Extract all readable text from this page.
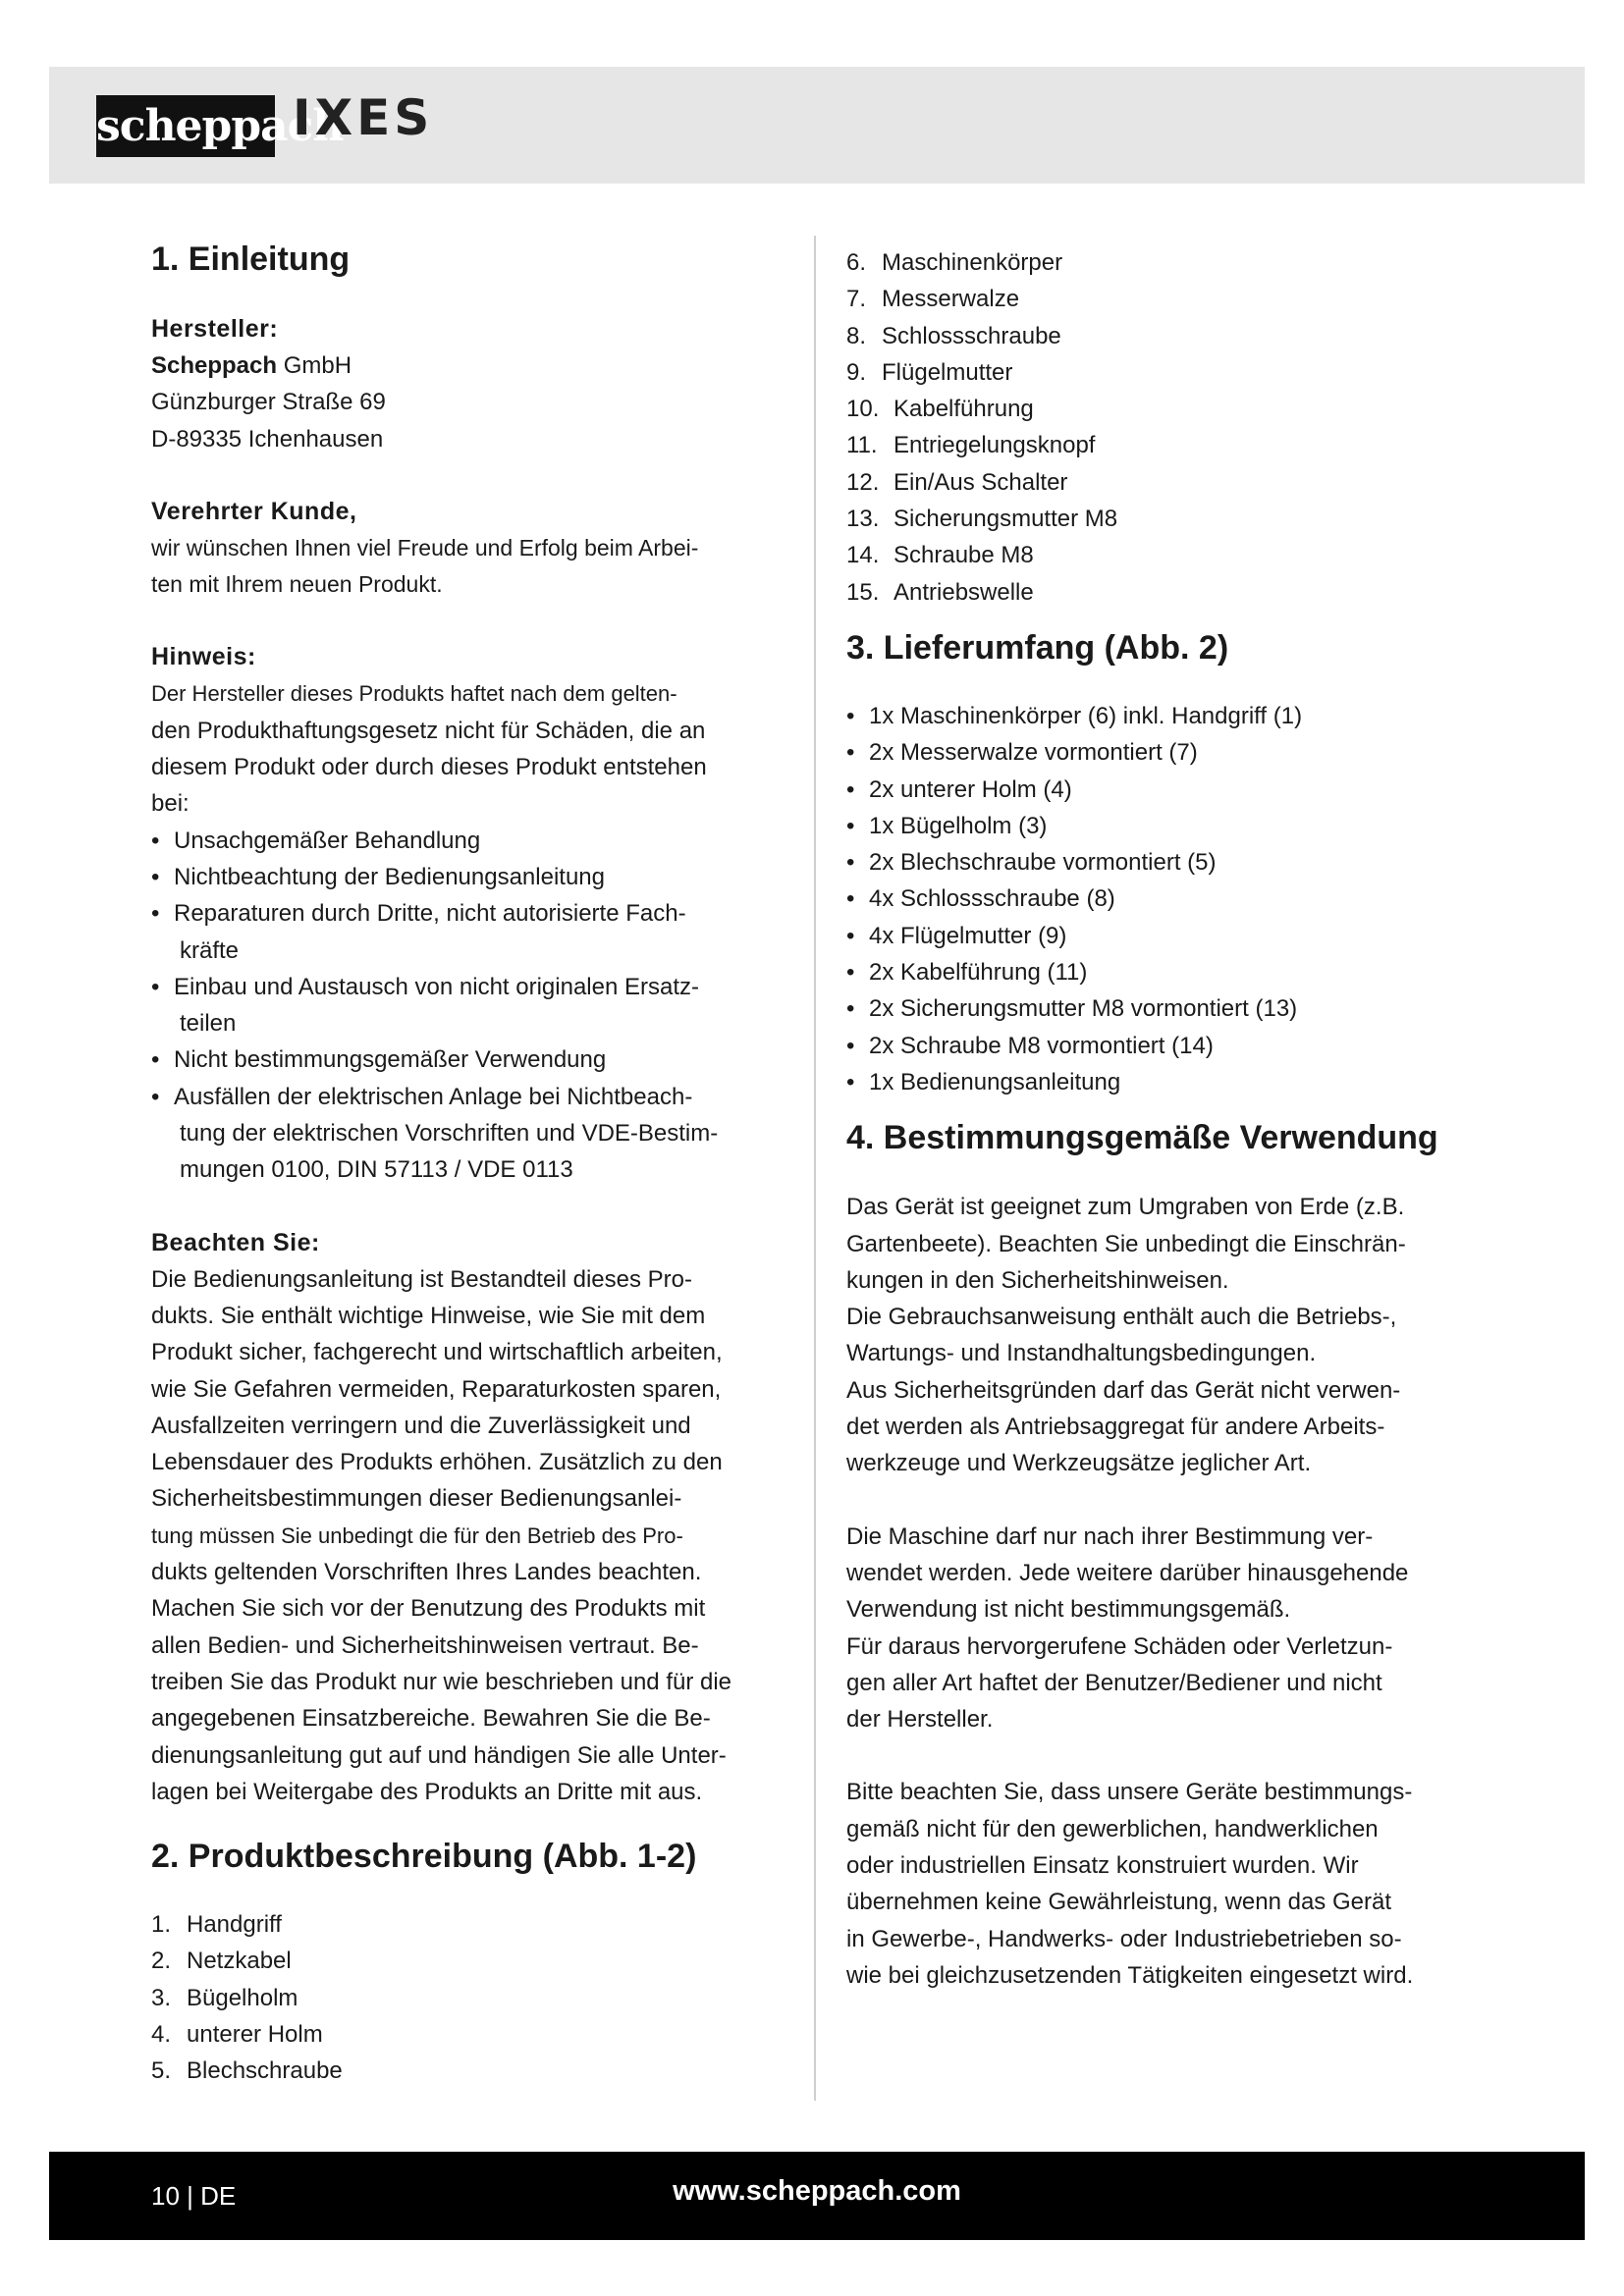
scheppach
IXES
1. Einleitung
Hersteller:
Scheppach GmbH
Günzburger Straße 69
D-89335 Ichenhausen
Verehrter Kunde,
wir wünschen Ihnen viel Freude und Erfolg beim Arbei-
ten mit Ihrem neuen Produkt.
Hinweis:
Der Hersteller dieses Produkts haftet nach dem gelten-
den Produkthaftungsgesetz nicht für Schäden, die an
diesem Produkt oder durch dieses Produkt entstehen
bei:
• Unsachgemäßer Behandlung
• Nichtbeachtung der Bedienungsanleitung
• Reparaturen durch Dritte, nicht autorisierte Fach-
kräfte
• Einbau und Austausch von nicht originalen Ersatz-
teilen
• Nicht bestimmungsgemäßer Verwendung
• Ausfällen der elektrischen Anlage bei Nichtbeach-
tung der elektrischen Vorschriften und VDE-Bestim-
mungen 0100, DIN 57113 / VDE 0113
Beachten Sie:
Die Bedienungsanleitung ist Bestandteil dieses Pro-
dukts. Sie enthält wichtige Hinweise, wie Sie mit dem
Produkt sicher, fachgerecht und wirtschaftlich arbeiten,
wie Sie Gefahren vermeiden, Reparaturkosten sparen,
Ausfallzeiten verringern und die Zuverlässigkeit und
Lebensdauer des Produkts erhöhen. Zusätzlich zu den
Sicherheitsbestimmungen dieser Bedienungsanlei-
tung müssen Sie unbedingt die für den Betrieb des Pro-
dukts geltenden Vorschriften Ihres Landes beachten.
Machen Sie sich vor der Benutzung des Produkts mit
allen Bedien- und Sicherheitshinweisen vertraut. Be-
treiben Sie das Produkt nur wie beschrieben und für die
angegebenen Einsatzbereiche. Bewahren Sie die Be-
dienungsanleitung gut auf und händigen Sie alle Unter-
lagen bei Weitergabe des Produkts an Dritte mit aus.
2. Produktbeschreibung (Abb. 1-2)
1. Handgriff
2. Netzkabel
3. Bügelholm
4. unterer Holm
5. Blechschraube
6. Maschinenkörper
7. Messerwalze
8. Schlossschraube
9. Flügelmutter
10. Kabelführung
11. Entriegelungsknopf
12. Ein/Aus Schalter
13. Sicherungsmutter M8
14. Schraube M8
15. Antriebswelle
3. Lieferumfang (Abb. 2)
• 1x Maschinenkörper (6) inkl. Handgriff (1)
• 2x Messerwalze vormontiert (7)
• 2x unterer Holm (4)
• 1x Bügelholm (3)
• 2x Blechschraube vormontiert (5)
• 4x Schlossschraube (8)
• 4x Flügelmutter (9)
• 2x Kabelführung (11)
• 2x Sicherungsmutter M8 vormontiert (13)
• 2x Schraube M8 vormontiert (14)
• 1x Bedienungsanleitung
4. Bestimmungsgemäße Verwendung
Das Gerät ist geeignet zum Umgraben von Erde (z.B.
Gartenbeete). Beachten Sie unbedingt die Einschrän-
kungen in den Sicherheitshinweisen.
Die Gebrauchsanweisung enthält auch die Betriebs-,
Wartungs- und Instandhaltungsbedingungen.
Aus Sicherheitsgründen darf das Gerät nicht verwen-
det werden als Antriebsaggregat für andere Arbeits-
werkzeuge und Werkzeugsätze jeglicher Art.
Die Maschine darf nur nach ihrer Bestimmung ver-
wendet werden. Jede weitere darüber hinausgehende
Verwendung ist nicht bestimmungsgemäß.
Für daraus hervorgerufene Schäden oder Verletzun-
gen aller Art haftet der Benutzer/Bediener und nicht
der Hersteller.
Bitte beachten Sie, dass unsere Geräte bestimmungs-
gemäß nicht für den gewerblichen, handwerklichen
oder industriellen Einsatz konstruiert wurden. Wir
übernehmen keine Gewährleistung, wenn das Gerät
in Gewerbe-, Handwerks- oder Industriebetrieben so-
wie bei gleichzusetzenden Tätigkeiten eingesetzt wird.
10 | DE	www.scheppach.com
